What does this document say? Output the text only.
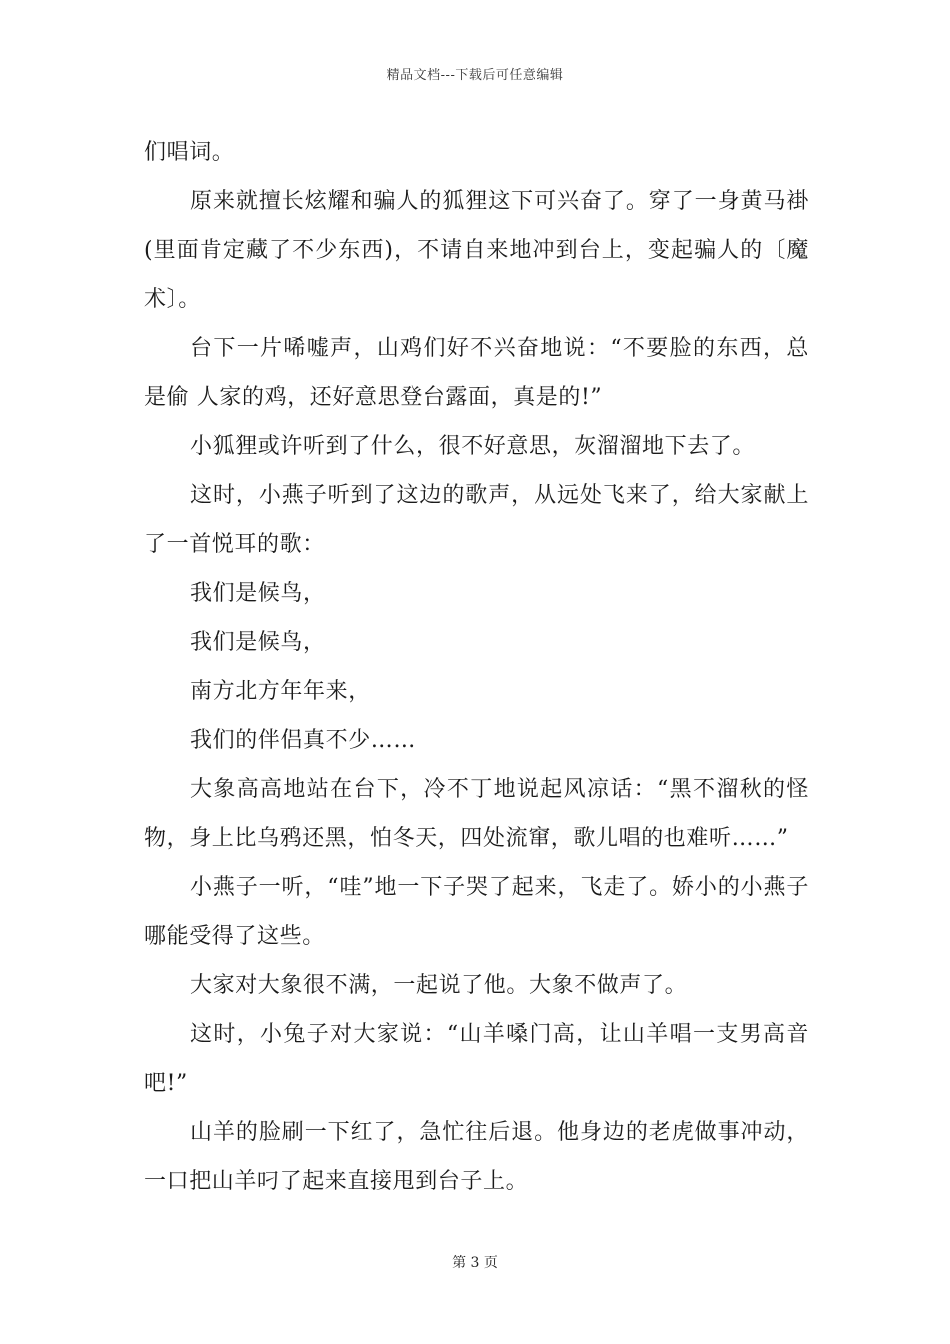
精品文档---下载后可任意编辑

们唱词。

原来就擅长炫耀和骗人的狐狸这下可兴奋了。穿了一身黄马褂(里面肯定藏了不少东西)，不请自来地冲到台上，变起骗人的〔魔术〕。

台下一片唏嘘声，山鸡们好不兴奋地说：“不要脸的东西，总是偷 人家的鸡，还好意思登台露面，真是的!”

小狐狸或许听到了什么，很不好意思，灰溜溜地下去了。

这时，小燕子听到了这边的歌声，从远处飞来了，给大家献上了一首悦耳的歌：

我们是候鸟，

我们是候鸟，

南方北方年年来，

我们的伴侣真不少……

大象高高地站在台下，冷不丁地说起风凉话：“黑不溜秋的怪物，身上比乌鸦还黑，怕冬天，四处流窜，歌儿唱的也难听……”

小燕子一听，“哇”地一下子哭了起来，飞走了。娇小的小燕子哪能受得了这些。

大家对大象很不满，一起说了他。大象不做声了。

这时，小兔子对大家说：“山羊嗓门高，让山羊唱一支男高音吧!”

山羊的脸刷一下红了，急忙往后退。他身边的老虎做事冲动，一口把山羊叼了起来直接甩到台子上。

第 3 页
